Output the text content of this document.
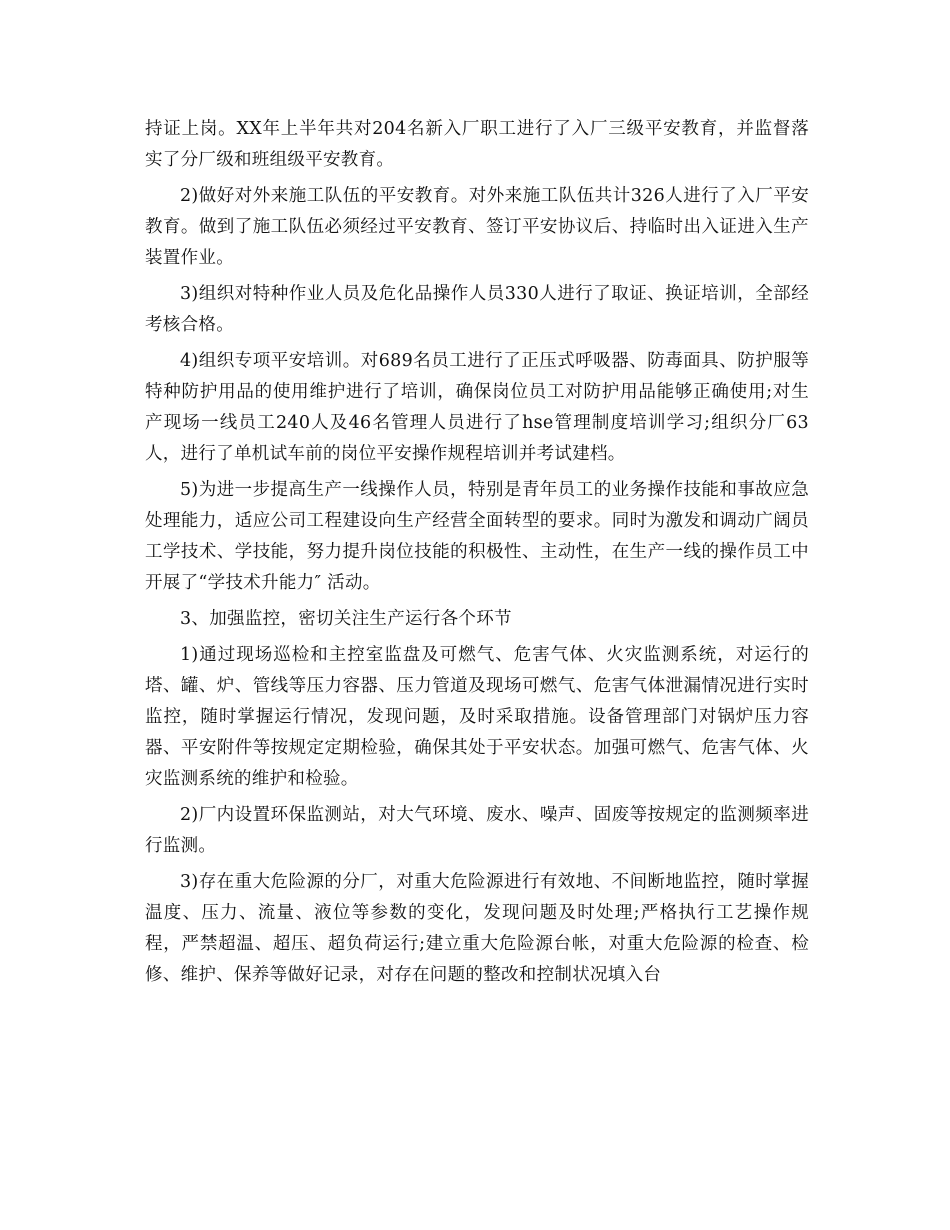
持证上岗。XX年上半年共对204名新入厂职工进行了入厂三级平安教育，并监督落实了分厂级和班组级平安教育。

2)做好对外来施工队伍的平安教育。对外来施工队伍共计326人进行了入厂平安 教育。做到了施工队伍必须经过平安教育、签订平安协议后、持临时出入证进入生产装置作业。

3)组织对特种作业人员及危化品操作人员330人进行了取证、换证培训，全部经考核合格。

4)组织专项平安培训。对689名员工进行了正压式呼吸器、防毒面具、防护服等特种防护用品的使用维护进行了培训，确保岗位员工对防护用品能够正确使用;对生产现场一线员工240人及46名管理人员进行了hse管理制度培训学习;组织分厂63人，进行了单机试车前的岗位平安操作规程培训并考试建档。

5)为进一步提高生产一线操作人员，特别是青年员工的业务操作技能和事故应急处理能力，适应公司工程建设向生产经营全面转型的要求。同时为激发和调动广阔员工学技术、学技能，努力提升岗位技能的积极性、主动性，在生产一线的操作员工中开展了“学技术升能力″ 活动。

3、加强监控，密切关注生产运行各个环节

1)通过现场巡检和主控室监盘及可燃气、危害气体、火灾监测系统，对运行的塔、罐、炉、管线等压力容器、压力管道及现场可燃气、危害气体泄漏情况进行实时监控，随时掌握运行情况，发现问题，及时采取措施。设备管理部门对锅炉压力容器、平安附件等按规定定期检验，确保其处于平安状态。加强可燃气、危害气体、火灾监测系统的维护和检验。

2)厂内设置环保监测站，对大气环境、废水、噪声、固废等按规定的监测频率进行监测。

3)存在重大危险源的分厂，对重大危险源进行有效地、不间断地监控，随时掌握温度、压力、流量、液位等参数的变化，发现问题及时处理;严格执行工艺操作规程，严禁超温、超压、超负荷运行;建立重大危险源台帐，对重大危险源的检查、检修、维护、保养等做好记录，对存在问题的整改和控制状况填入台
